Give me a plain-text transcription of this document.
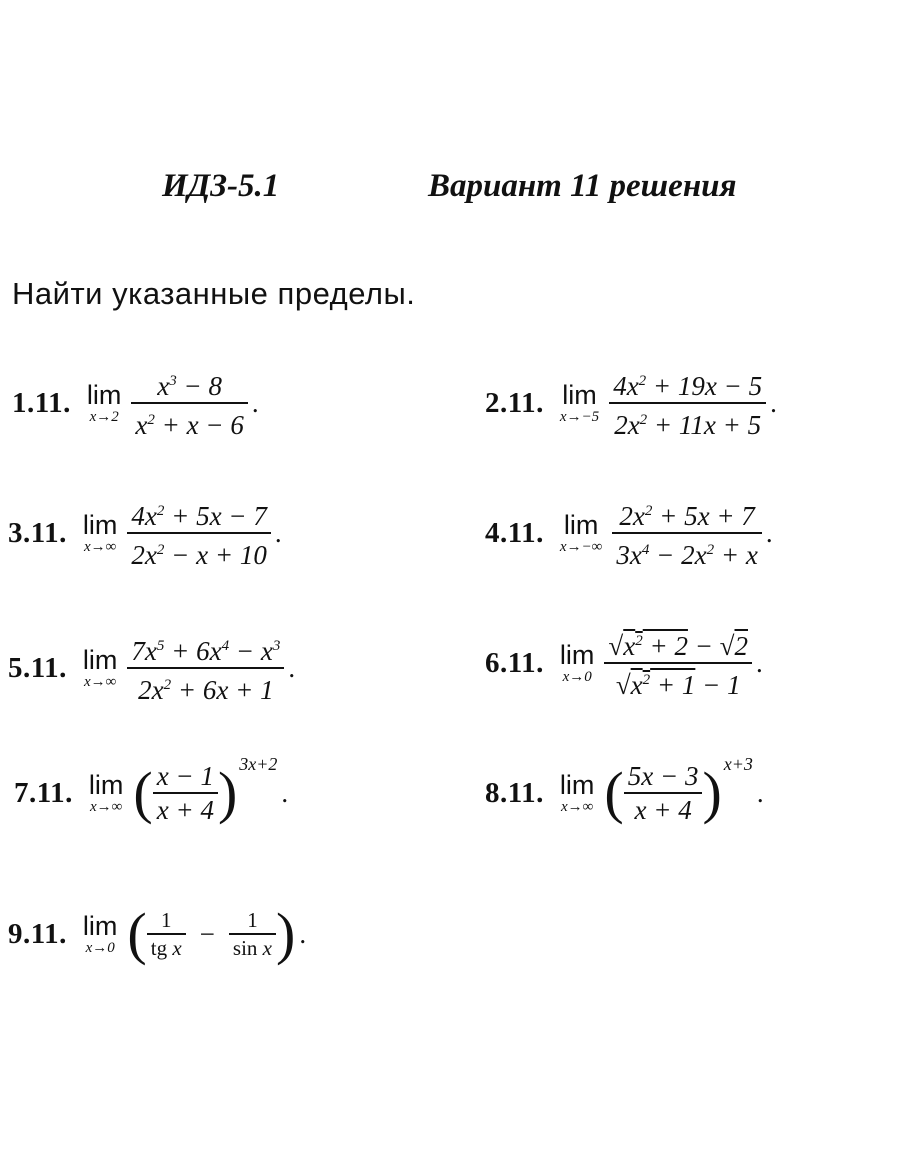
ИДЗ-5.1	Вариант 11 решения
Найти указанные пределы.
1.11. lim
$x\to 2 \frac{x^3 - 8}{x^2 + x - 6}$ .	2.11. lim
$x\to-5 \frac{4x^2 + 19x - 5}{2x^2 + 11x + 5}$ .
3.11. lim
$x\to\infty \frac{4x^2 + 5x - 7}{2x^2 - x + 10}$ .	4.11. lim
$x\to-\infty \frac{2x^2 + 5x + 7}{3x^4 - 2x^2 + x}$ .
5.11. lim
$x\to\infty \frac{7x^5 + 6x^4 - x^3}{2x^2 + 6x + 1}$ .	6.11. lim
$x\to 0 \frac{√x^2 + 2 - √2}{√x^2 + 1 - 1}$ .
7.11. lim
x→∞ ( $\frac{x - 1}{x + 4}$ ) 3x+2
.	8.11. lim
x→∞ ( $\frac{5x - 3}{x + 4}$ ) x+3
.
9.11. lim
x→0 ( $\frac{1}{\text{tg x}} - \frac{1}{\text{sin x}}$ ) .
